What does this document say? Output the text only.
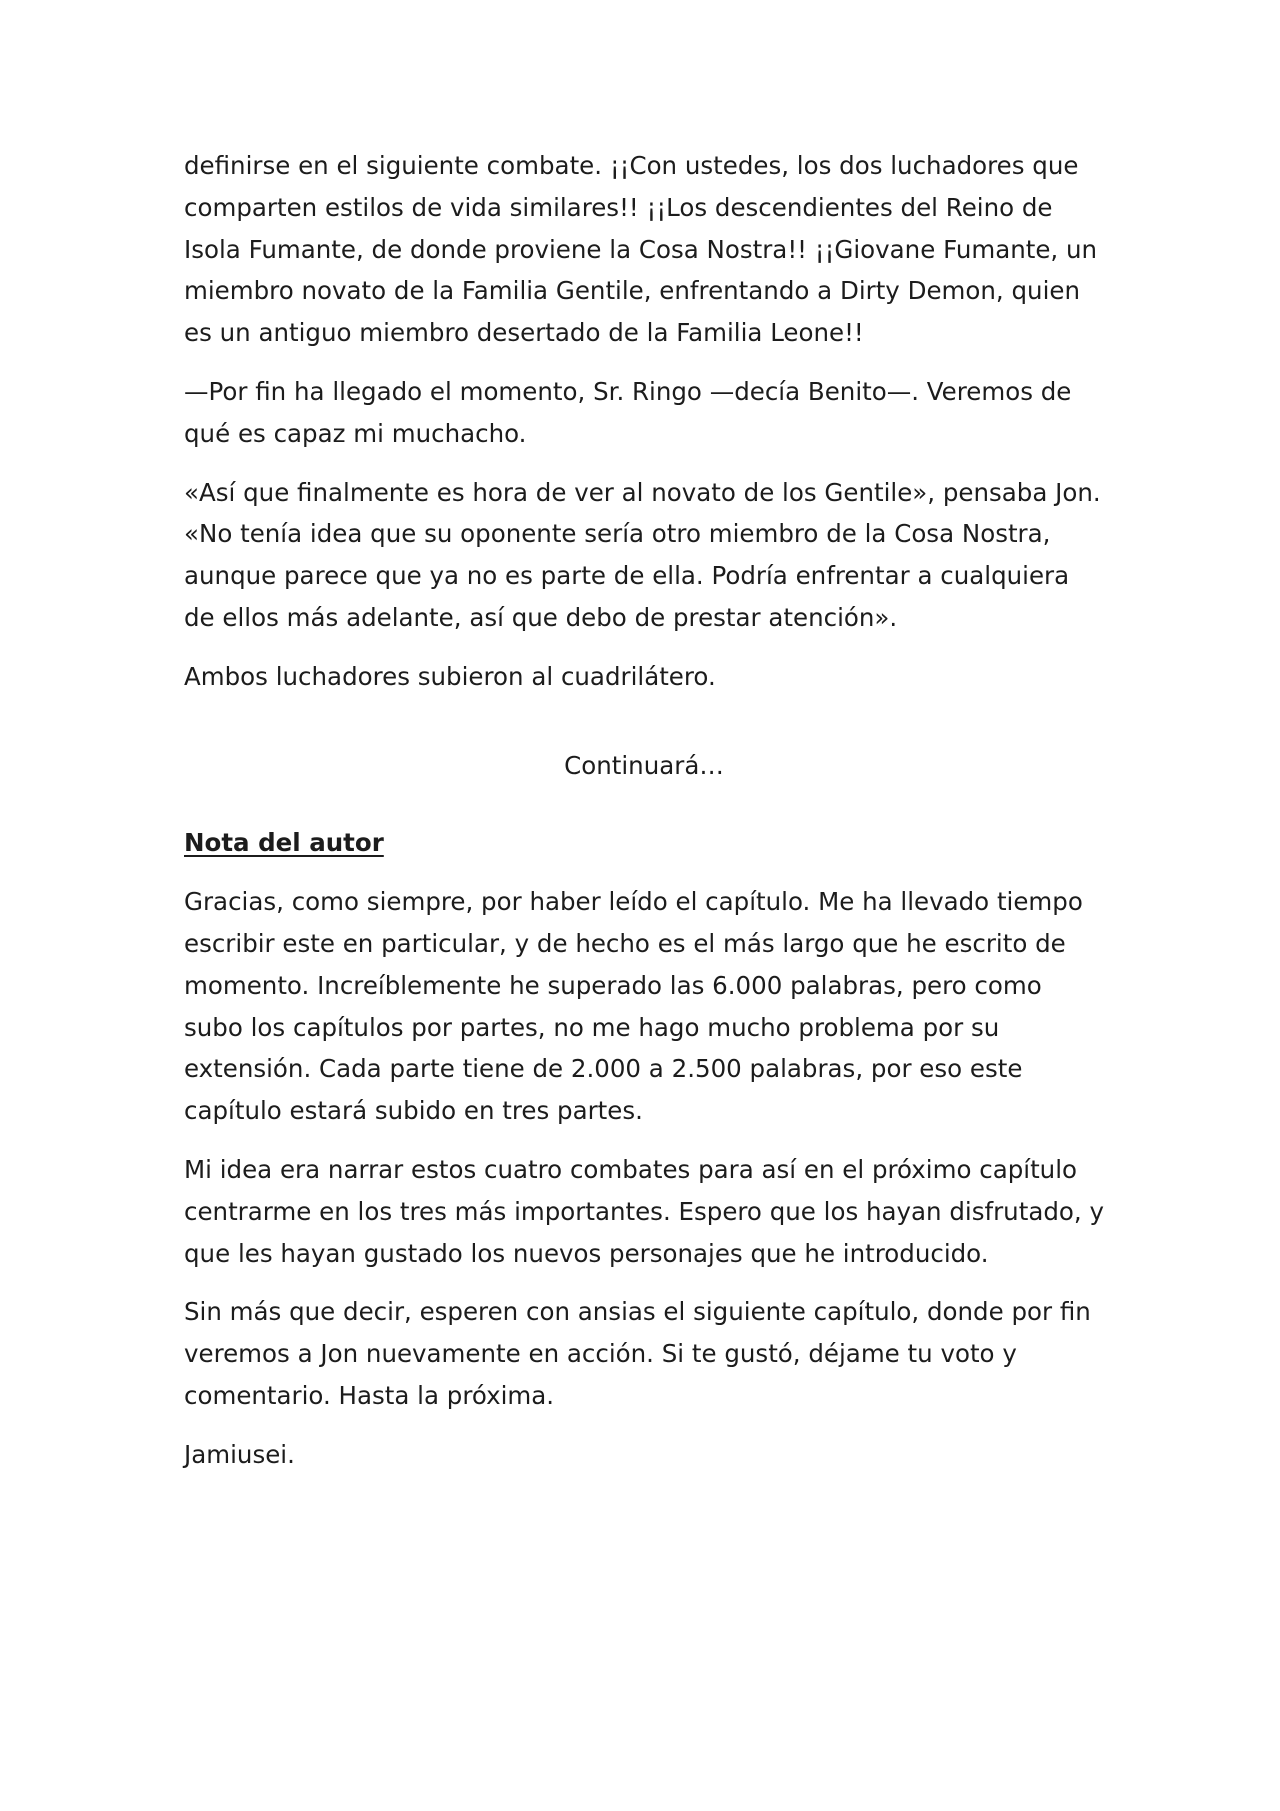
definirse en el siguiente combate. ¡¡Con ustedes, los dos luchadores que comparten estilos de vida similares!! ¡¡Los descendientes del Reino de Isola Fumante, de donde proviene la Cosa Nostra!! ¡¡Giovane Fumante, un miembro novato de la Familia Gentile, enfrentando a Dirty Demon, quien es un antiguo miembro desertado de la Familia Leone!!

—Por fin ha llegado el momento, Sr. Ringo —decía Benito—. Veremos de qué es capaz mi muchacho.

«Así que finalmente es hora de ver al novato de los Gentile», pensaba Jon. «No tenía idea que su oponente sería otro miembro de la Cosa Nostra, aunque parece que ya no es parte de ella. Podría enfrentar a cualquiera de ellos más adelante, así que debo de prestar atención».

Ambos luchadores subieron al cuadrilátero.

Continuará…

Nota del autor

Gracias, como siempre, por haber leído el capítulo. Me ha llevado tiempo escribir este en particular, y de hecho es el más largo que he escrito de momento. Increíblemente he superado las 6.000 palabras, pero como subo los capítulos por partes, no me hago mucho problema por su extensión. Cada parte tiene de 2.000 a 2.500 palabras, por eso este capítulo estará subido en tres partes.

Mi idea era narrar estos cuatro combates para así en el próximo capítulo centrarme en los tres más importantes. Espero que los hayan disfrutado, y que les hayan gustado los nuevos personajes que he introducido.

Sin más que decir, esperen con ansias el siguiente capítulo, donde por fin veremos a Jon nuevamente en acción. Si te gustó, déjame tu voto y comentario. Hasta la próxima.

Jamiusei.
